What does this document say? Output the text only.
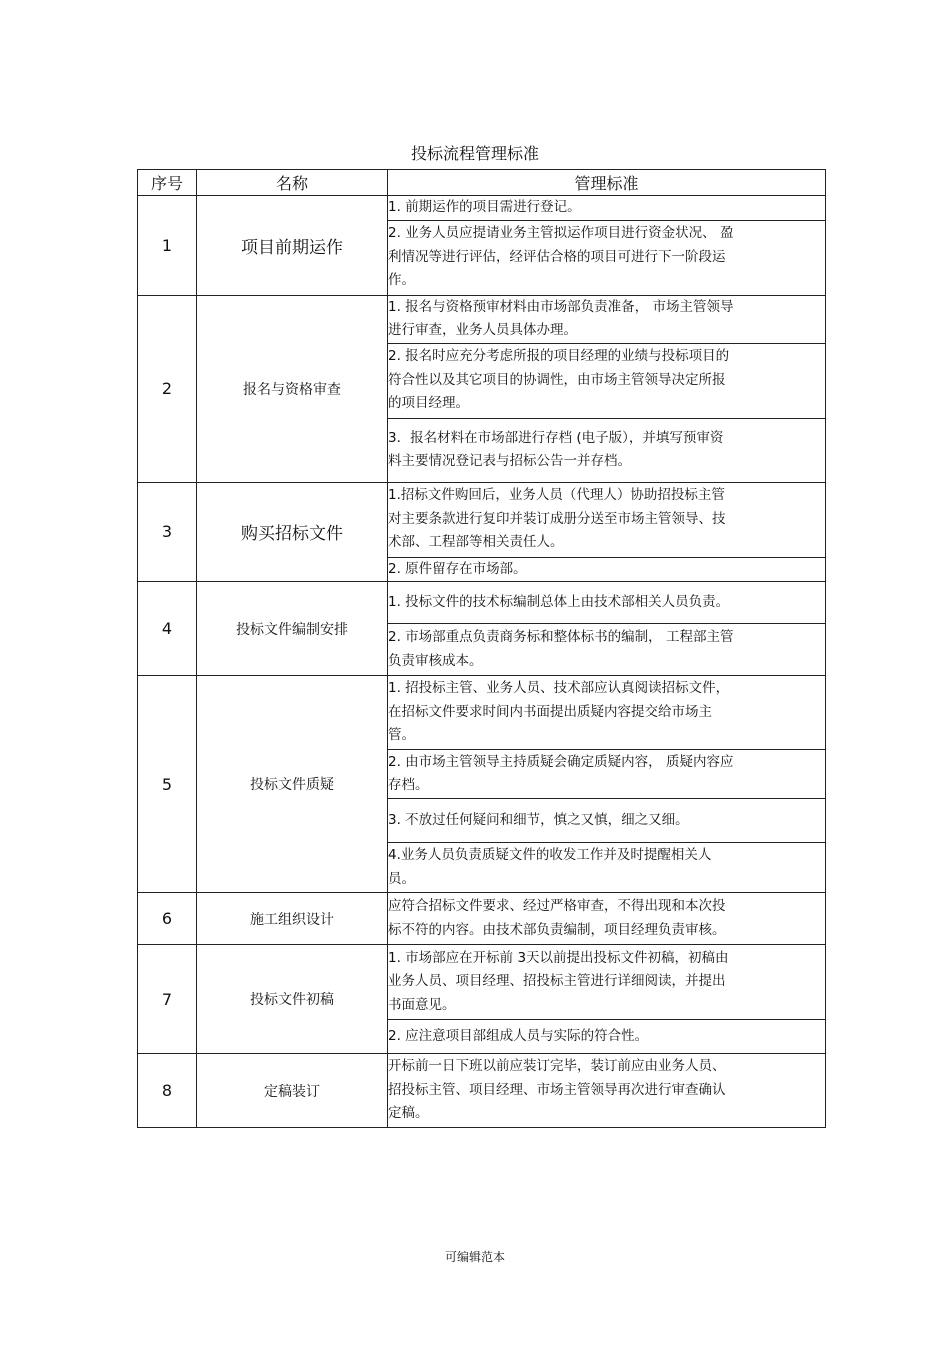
投标流程管理标准
序号	名称	管理标准
1	项目前期运作	1. 前期运作的项目需进行登记。

		2. 业务人员应提请业务主管拟运作项目进行资金状况、 盈
利情况等进行评估，经评估合格的项目可进行下一阶段运
作。

2	报名与资格审查	1. 报名与资格预审材料由市场部负责准备， 市场主管领导
进行审查，业务人员具体办理。

		2. 报名时应充分考虑所报的项目经理的业绩与投标项目的
符合性以及其它项目的协调性，由市场主管领导决定所报
的项目经理。

		3．报名材料在市场部进行存档 (电子版），并填写预审资
料主要情况登记表与招标公告一并存档。

3	购买招标文件	1.招标文件购回后，业务人员（代理人）协助招投标主管
对主要条款进行复印并装订成册分送至市场主管领导、技
术部、工程部等相关责任人。

		2. 原件留存在市场部。

4	投标文件编制安排	1. 投标文件的技术标编制总体上由技术部相关人员负责。

		2. 市场部重点负责商务标和整体标书的编制， 工程部主管
负责审核成本。

5	投标文件质疑	1. 招投标主管、业务人员、技术部应认真阅读招标文件，
在招标文件要求时间内书面提出质疑内容提交给市场主
管。

		2. 由市场主管领导主持质疑会确定质疑内容， 质疑内容应
存档。

		3. 不放过任何疑问和细节，慎之又慎，细之又细。

		4.业务人员负责质疑文件的收发工作并及时提醒相关人
员。

6	施工组织设计	应符合招标文件要求、经过严格审查，不得出现和本次投
标不符的内容。由技术部负责编制，项目经理负责审核。

7	投标文件初稿	1. 市场部应在开标前 3天以前提出投标文件初稿，初稿由
业务人员、项目经理、招投标主管进行详细阅读，并提出
书面意见。

		2. 应注意项目部组成人员与实际的符合性。

8	定稿装订	开标前一日下班以前应装订完毕，装订前应由业务人员、
招投标主管、项目经理、市场主管领导再次进行审查确认
定稿。
可编辑范本
